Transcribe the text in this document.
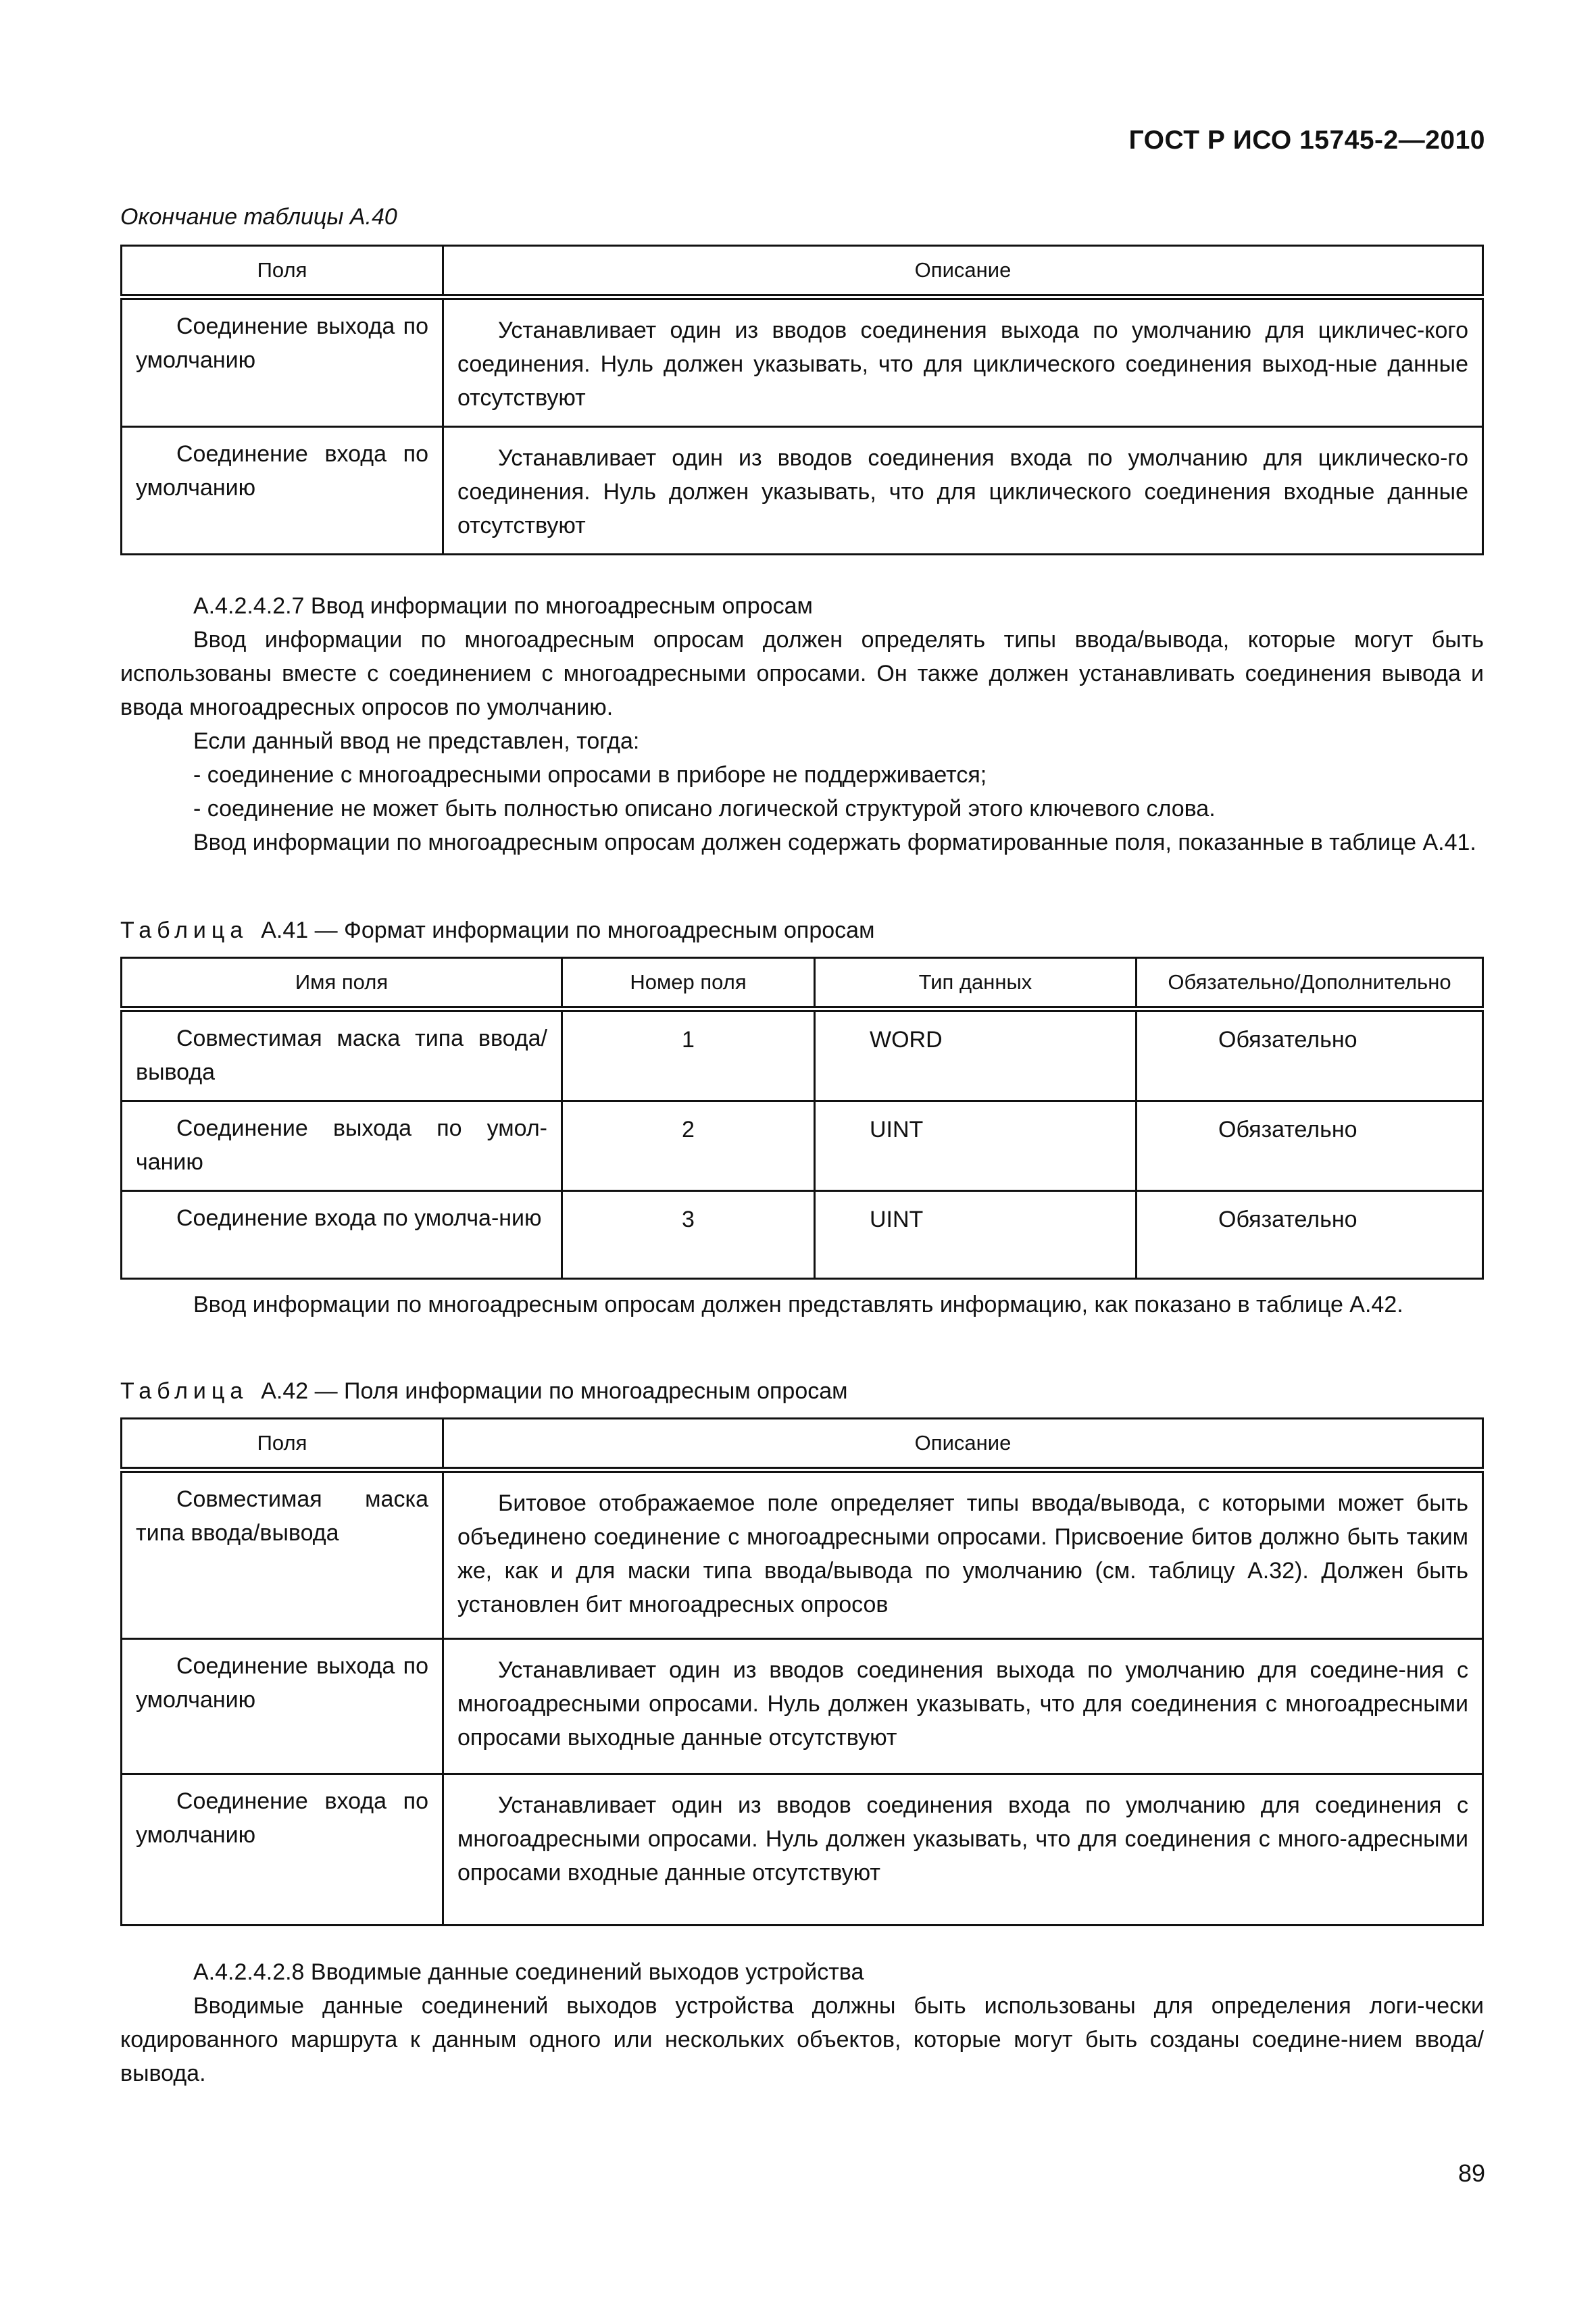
ГОСТ Р ИСО 15745-2—2010
Окончание таблицы А.40
Поля	Описание
Соединение выхода по умолчанию	Устанавливает один из вводов соединения выхода по умолчанию для цикличес-кого соединения. Нуль должен указывать, что для циклического соединения выход-ные данные отсутствуют
Соединение входа по умолчанию	Устанавливает один из вводов соединения входа по умолчанию для циклическо-го соединения. Нуль должен указывать, что для циклического соединения входные данные отсутствуют
А.4.2.4.2.7 Ввод информации по многоадресным опросам
Ввод информации по многоадресным опросам должен определять типы ввода/вывода, которые могут быть использованы вместе с соединением с многоадресными опросами. Он также должен устанавливать соединения вывода и ввода многоадресных опросов по умолчанию.
Если данный ввод не представлен, тогда:
- соединение с многоадресными опросами в приборе не поддерживается;
- соединение не может быть полностью описано логической структурой этого ключевого слова.
Ввод информации по многоадресным опросам должен содержать форматированные поля, показанные в таблице А.41.
Таблица А.41 — Формат информации по многоадресным опросам
Имя поля	Номер поля	Тип данных	Обязательно/Дополнительно
Совместимая маска типа ввода/вывода	1	WORD	Обязательно
Соединение выхода по умол-чанию	2	UINT	Обязательно
Соединение входа по умолча-нию	3	UINT	Обязательно
Ввод информации по многоадресным опросам должен представлять информацию, как показано в таблице А.42.
Таблица А.42 — Поля информации по многоадресным опросам
Поля	Описание
Совместимая маска типа ввода/вывода	Битовое отображаемое поле определяет типы ввода/вывода, с которыми может быть объединено соединение с многоадресными опросами. Присвоение битов должно быть таким же, как и для маски типа ввода/вывода по умолчанию (см. таблицу А.32). Должен быть установлен бит многоадресных опросов
Соединение выхода по умолчанию	Устанавливает один из вводов соединения выхода по умолчанию для соедине-ния с многоадресными опросами. Нуль должен указывать, что для соединения с многоадресными опросами выходные данные отсутствуют
Соединение входа по умолчанию	Устанавливает один из вводов соединения входа по умолчанию для соединения с многоадресными опросами. Нуль должен указывать, что для соединения с много-адресными опросами входные данные отсутствуют
А.4.2.4.2.8 Вводимые данные соединений выходов устройства
Вводимые данные соединений выходов устройства должны быть использованы для определения логи-чески кодированного маршрута к данным одного или нескольких объектов, которые могут быть созданы соедине-нием ввода/вывода.
89
